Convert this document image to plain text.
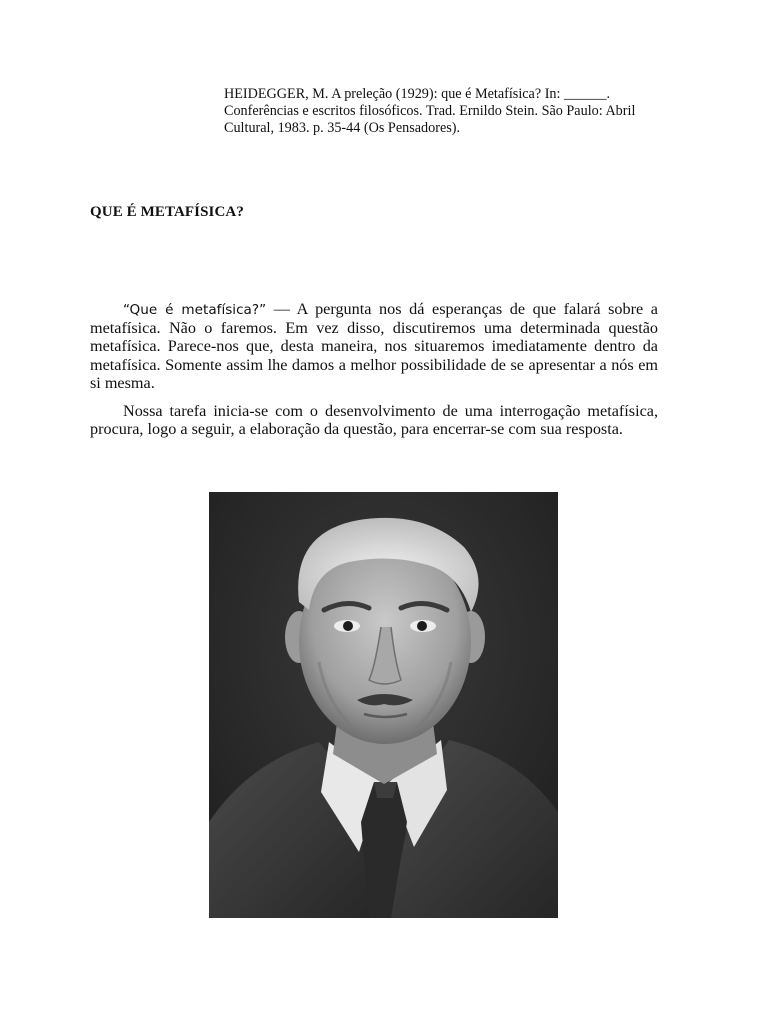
HEIDEGGER, M. A preleção (1929): que é Metafísica? In: ______.
Conferências e escritos filosóficos. Trad. Ernildo Stein. São Paulo: Abril
Cultural, 1983. p. 35-44 (Os Pensadores).
QUE É METAFÍSICA?

“Que é metafísica?” — A pergunta nos dá esperanças de que falará sobre a metafísica. Não o faremos. Em vez disso, discutiremos uma determinada questão metafísica. Parece-nos que, desta maneira, nos situaremos imediatamente dentro da metafísica. Somente assim lhe damos a melhor possibilidade de se apresentar a nós em si mesma.

Nossa tarefa inicia-se com o desenvolvimento de uma interrogação metafísica, procura, logo a seguir, a elaboração da questão, para encerrar-se com sua resposta.
